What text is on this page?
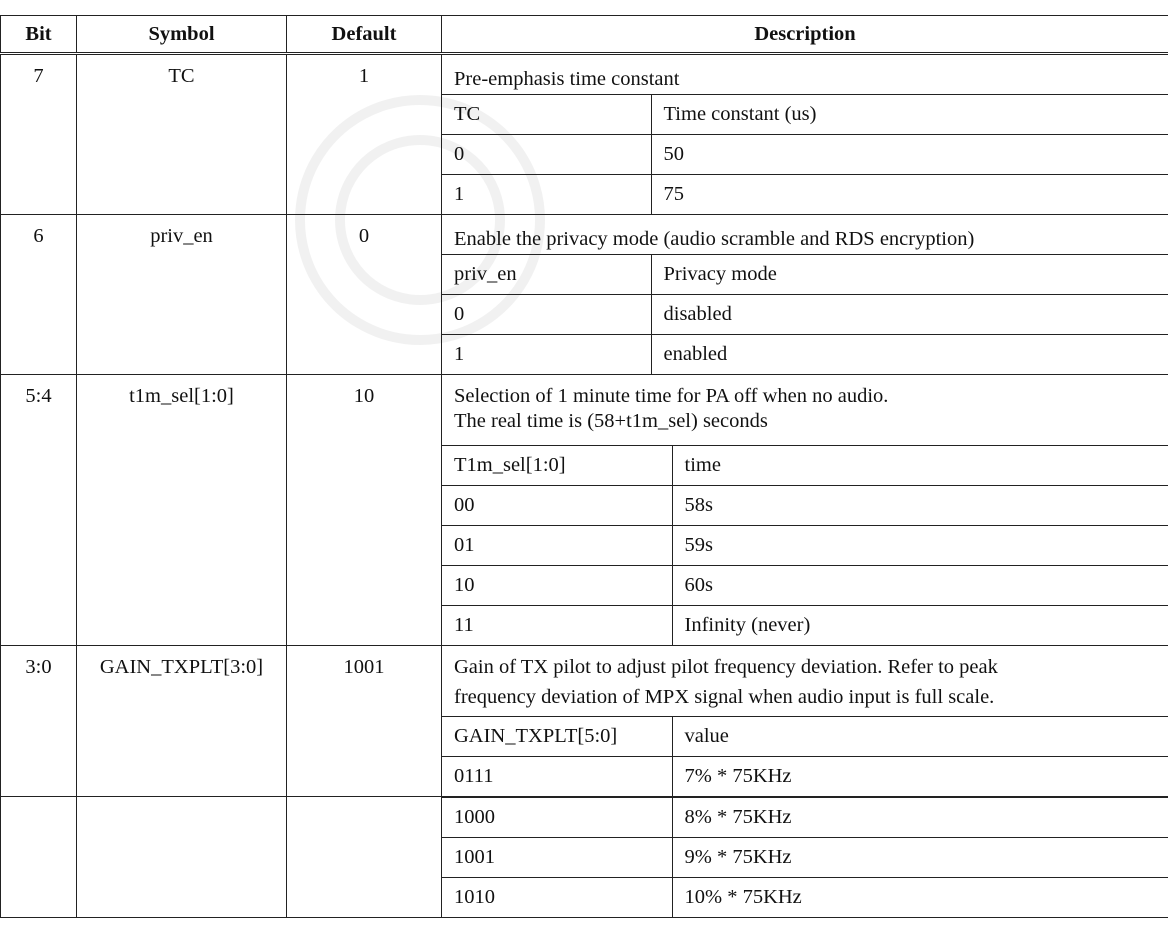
Bit	Symbol	Default	Description
7	TC	1	Pre-emphasis time constant
TC	Time constant (us)
0	50
1	75

6	priv_en	0	Enable the privacy mode (audio scramble and RDS encryption)
priv_en	Privacy mode
0	disabled
1	enabled

5:4	t1m_sel[1:0]	10	Selection of 1 minute time for PA off when no audio.
The real time is (58+t1m_sel) seconds
T1m_sel[1:0]	time
00	58s
01	59s
10	60s
11	Infinity (never)

3:0	GAIN_TXPLT[3:0]	1001	Gain of TX pilot to adjust pilot frequency deviation. Refer to peak
frequency deviation of MPX signal when audio input is full scale.
GAIN_TXPLT[5:0]	value
0111	7% * 75KHz

1000	8% * 75KHz
1001	9% * 75KHz
1010	10% * 75KHz
